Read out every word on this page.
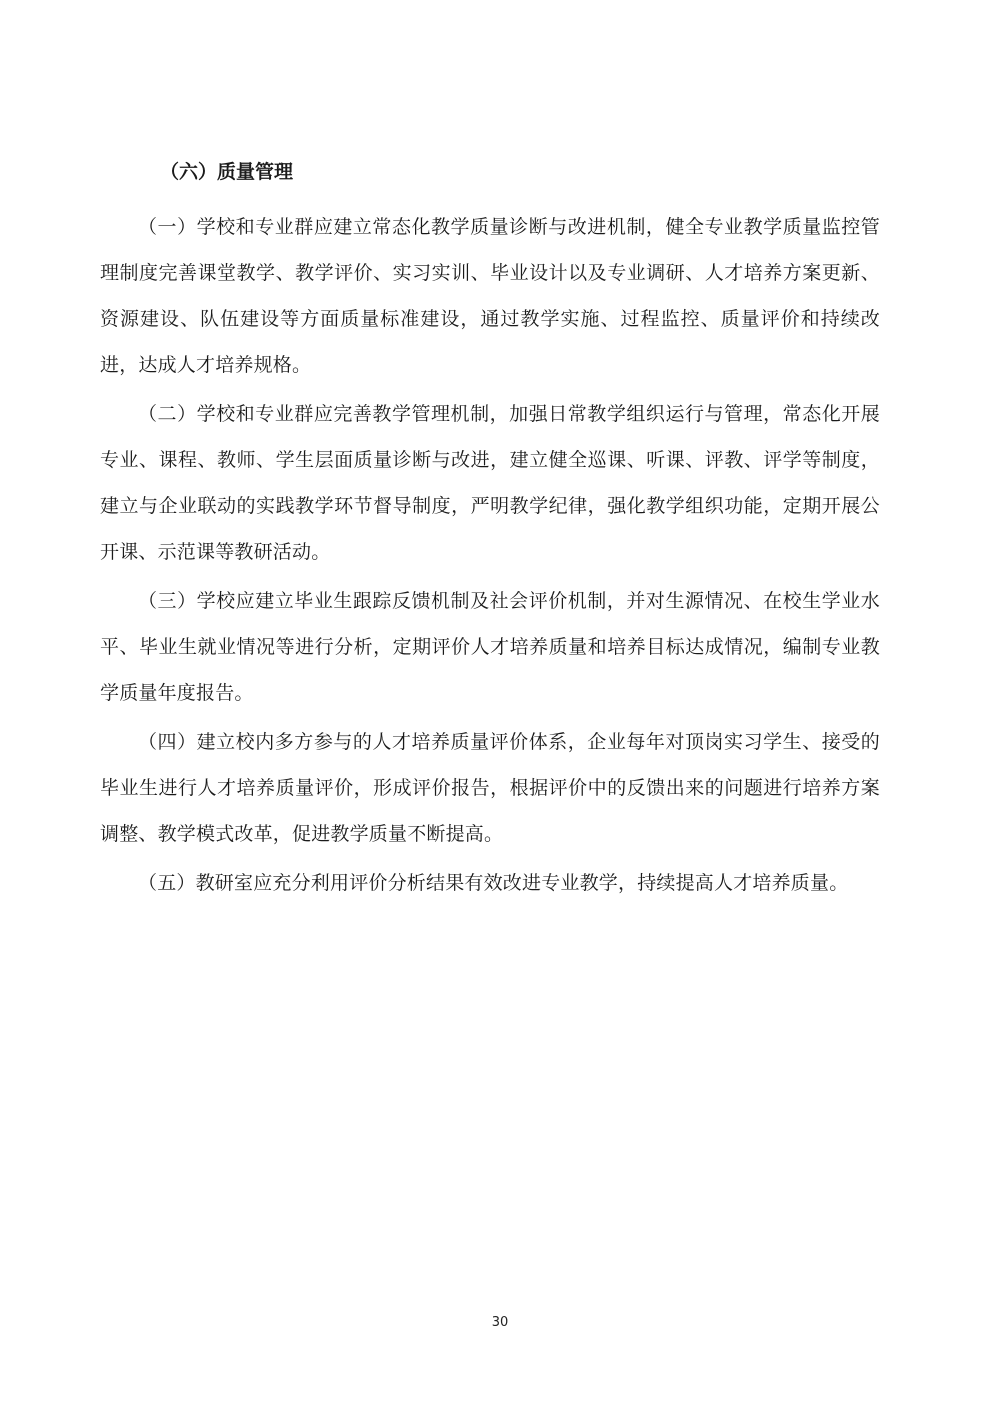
（六）质量管理

（一）学校和专业群应建立常态化教学质量诊断与改进机制，健全专业教学质量监控管理制度完善课堂教学、教学评价、实习实训、毕业设计以及专业调研、人才培养方案更新、资源建设、队伍建设等方面质量标准建设，通过教学实施、过程监控、质量评价和持续改进，达成人才培养规格。

（二）学校和专业群应完善教学管理机制，加强日常教学组织运行与管理，常态化开展专业、课程、教师、学生层面质量诊断与改进，建立健全巡课、听课、评教、评学等制度，建立与企业联动的实践教学环节督导制度，严明教学纪律，强化教学组织功能，定期开展公开课、示范课等教研活动。

（三）学校应建立毕业生跟踪反馈机制及社会评价机制，并对生源情况、在校生学业水平、毕业生就业情况等进行分析，定期评价人才培养质量和培养目标达成情况，编制专业教学质量年度报告。

（四）建立校内多方参与的人才培养质量评价体系，企业每年对顶岗实习学生、接受的毕业生进行人才培养质量评价，形成评价报告，根据评价中的反馈出来的问题进行培养方案调整、教学模式改革，促进教学质量不断提高。

（五）教研室应充分利用评价分析结果有效改进专业教学，持续提高人才培养质量。

30
